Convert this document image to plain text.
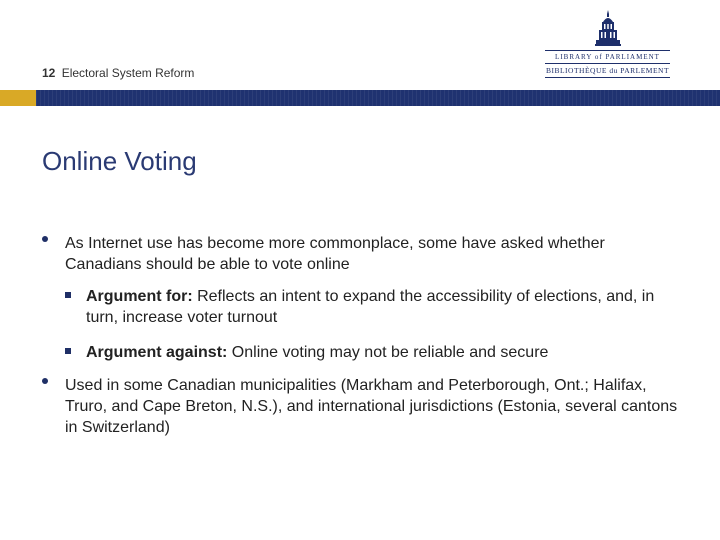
12 Electoral System Reform
LIBRARY of PARLIAMENT
BIBLIOTHÈQUE du PARLEMENT
Online Voting
As Internet use has become more commonplace, some have asked whether Canadians should be able to vote online
Argument for: Reflects an intent to expand the accessibility of elections, and, in turn, increase voter turnout
Argument against: Online voting may not be reliable and secure
Used in some Canadian municipalities (Markham and Peterborough, Ont.; Halifax, Truro, and Cape Breton, N.S.), and international jurisdictions (Estonia, several cantons in Switzerland)
